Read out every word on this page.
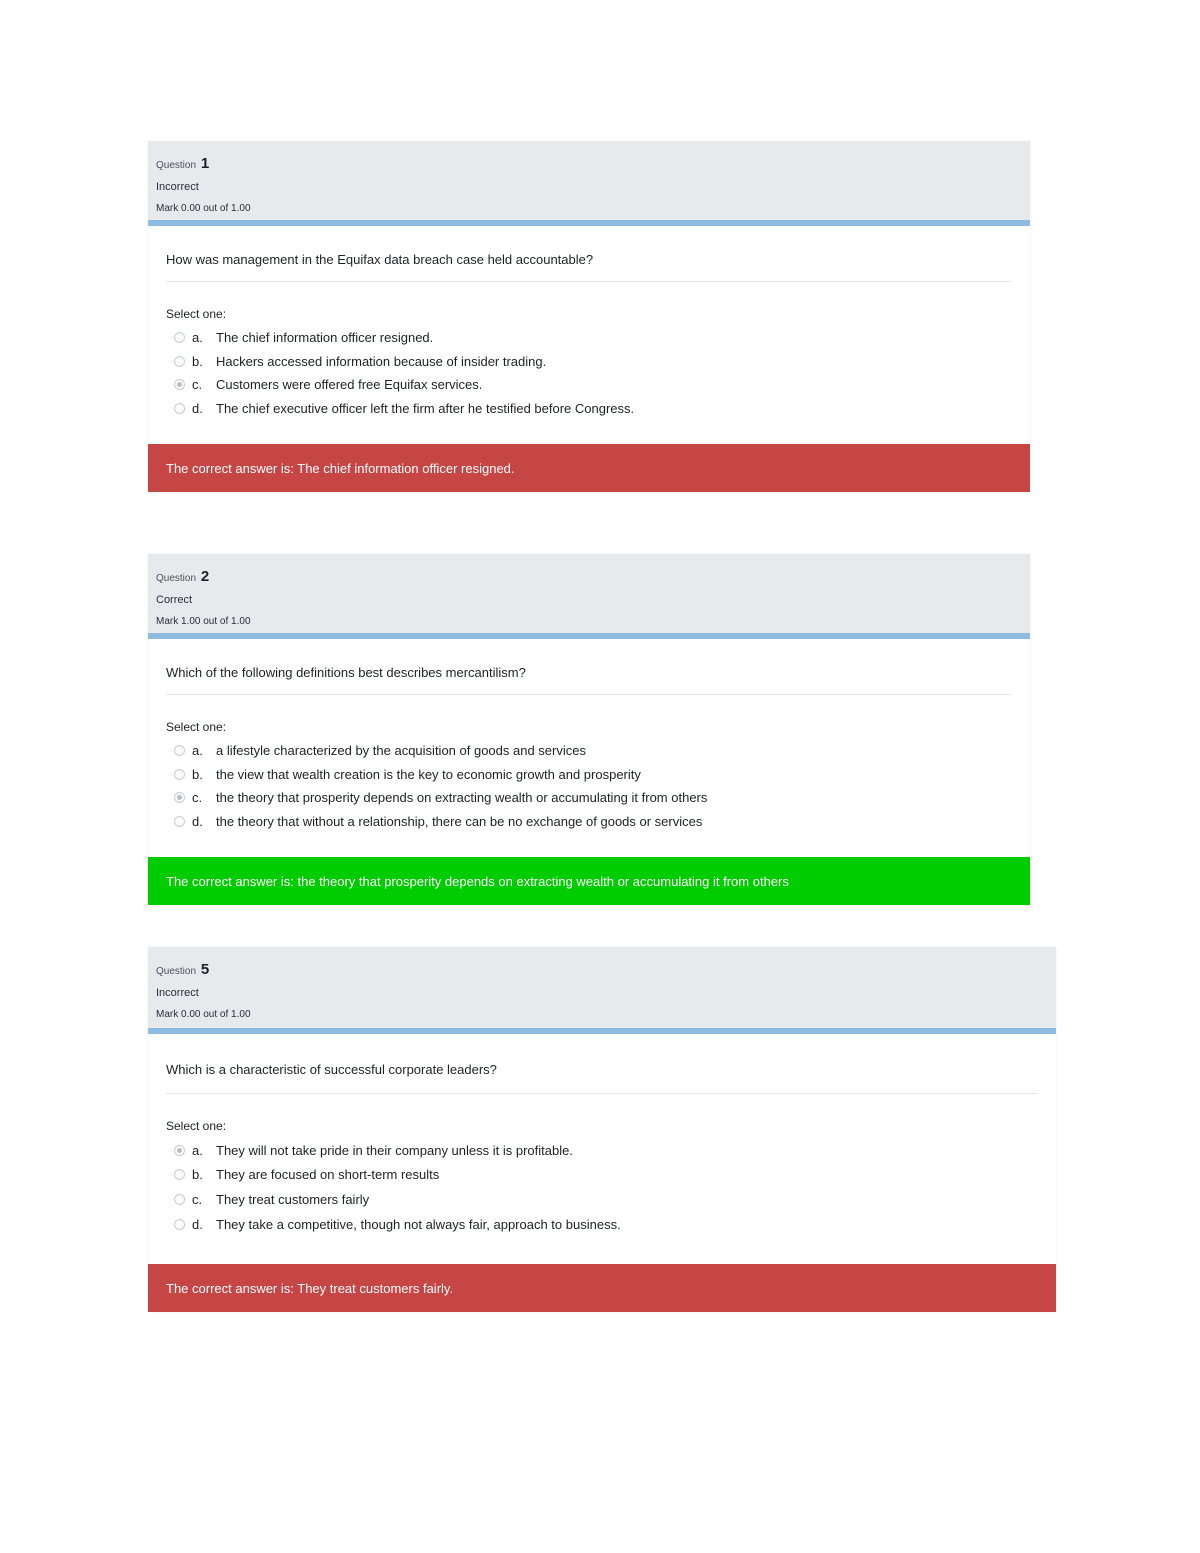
Question 1
Incorrect
Mark 0.00 out of 1.00
How was management in the Equifax data breach case held accountable?
Select one:
a.	The chief information officer resigned.
b.	Hackers accessed information because of insider trading.
c.	Customers were offered free Equifax services.
d.	The chief executive officer left the firm after he testified before Congress.
The correct answer is: The chief information officer resigned.
Question 2
Correct
Mark 1.00 out of 1.00
Which of the following definitions best describes mercantilism?
Select one:
a.	a lifestyle characterized by the acquisition of goods and services
b.	the view that wealth creation is the key to economic growth and prosperity
c.	the theory that prosperity depends on extracting wealth or accumulating it from others
d.	the theory that without a relationship, there can be no exchange of goods or services
The correct answer is: the theory that prosperity depends on extracting wealth or accumulating it from others
Question 5
Incorrect
Mark 0.00 out of 1.00
Which is a characteristic of successful corporate leaders?
Select one:
a.	They will not take pride in their company unless it is profitable.
b.	They are focused on short-term results
c.	They treat customers fairly
d.	They take a competitive, though not always fair, approach to business.
The correct answer is: They treat customers fairly.
